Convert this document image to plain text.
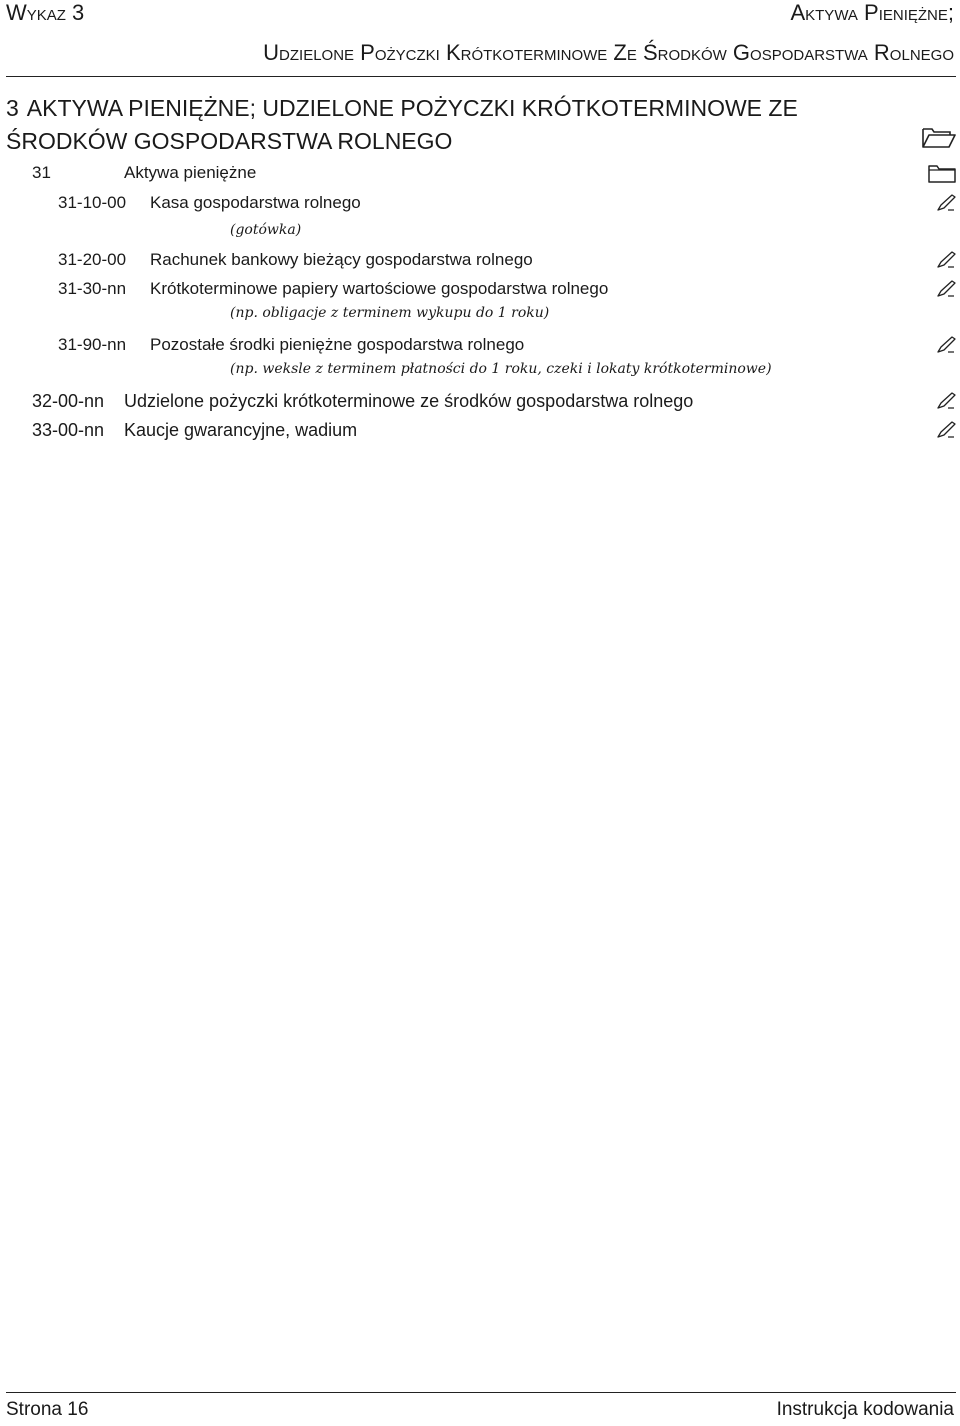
Wykaz 3	Aktywa Pieniężne;
Udzielone Pożyczki Krótkoterminowe Ze Środków Gospodarstwa Rolnego
3 AKTYWA PIENIĘŻNE; UDZIELONE POŻYCZKI KRÓTKOTERMINOWE ZE ŚRODKÓW GOSPODARSTWA ROLNEGO
31	Aktywa pieniężne
31-10-00 Kasa gospodarstwa rolnego
(gotówka)
31-20-00 Rachunek bankowy bieżący gospodarstwa rolnego
31-30-nn Krótkoterminowe papiery wartościowe gospodarstwa rolnego
(np. obligacje z terminem wykupu do 1 roku)
31-90-nn Pozostałe środki pieniężne gospodarstwa rolnego
(np. weksle z terminem płatności do 1 roku, czeki i lokaty krótkoterminowe)
32-00-nn Udzielone pożyczki krótkoterminowe ze środków gospodarstwa rolnego
33-00-nn Kaucje gwarancyjne, wadium
Strona 16	Instrukcja kodowania
